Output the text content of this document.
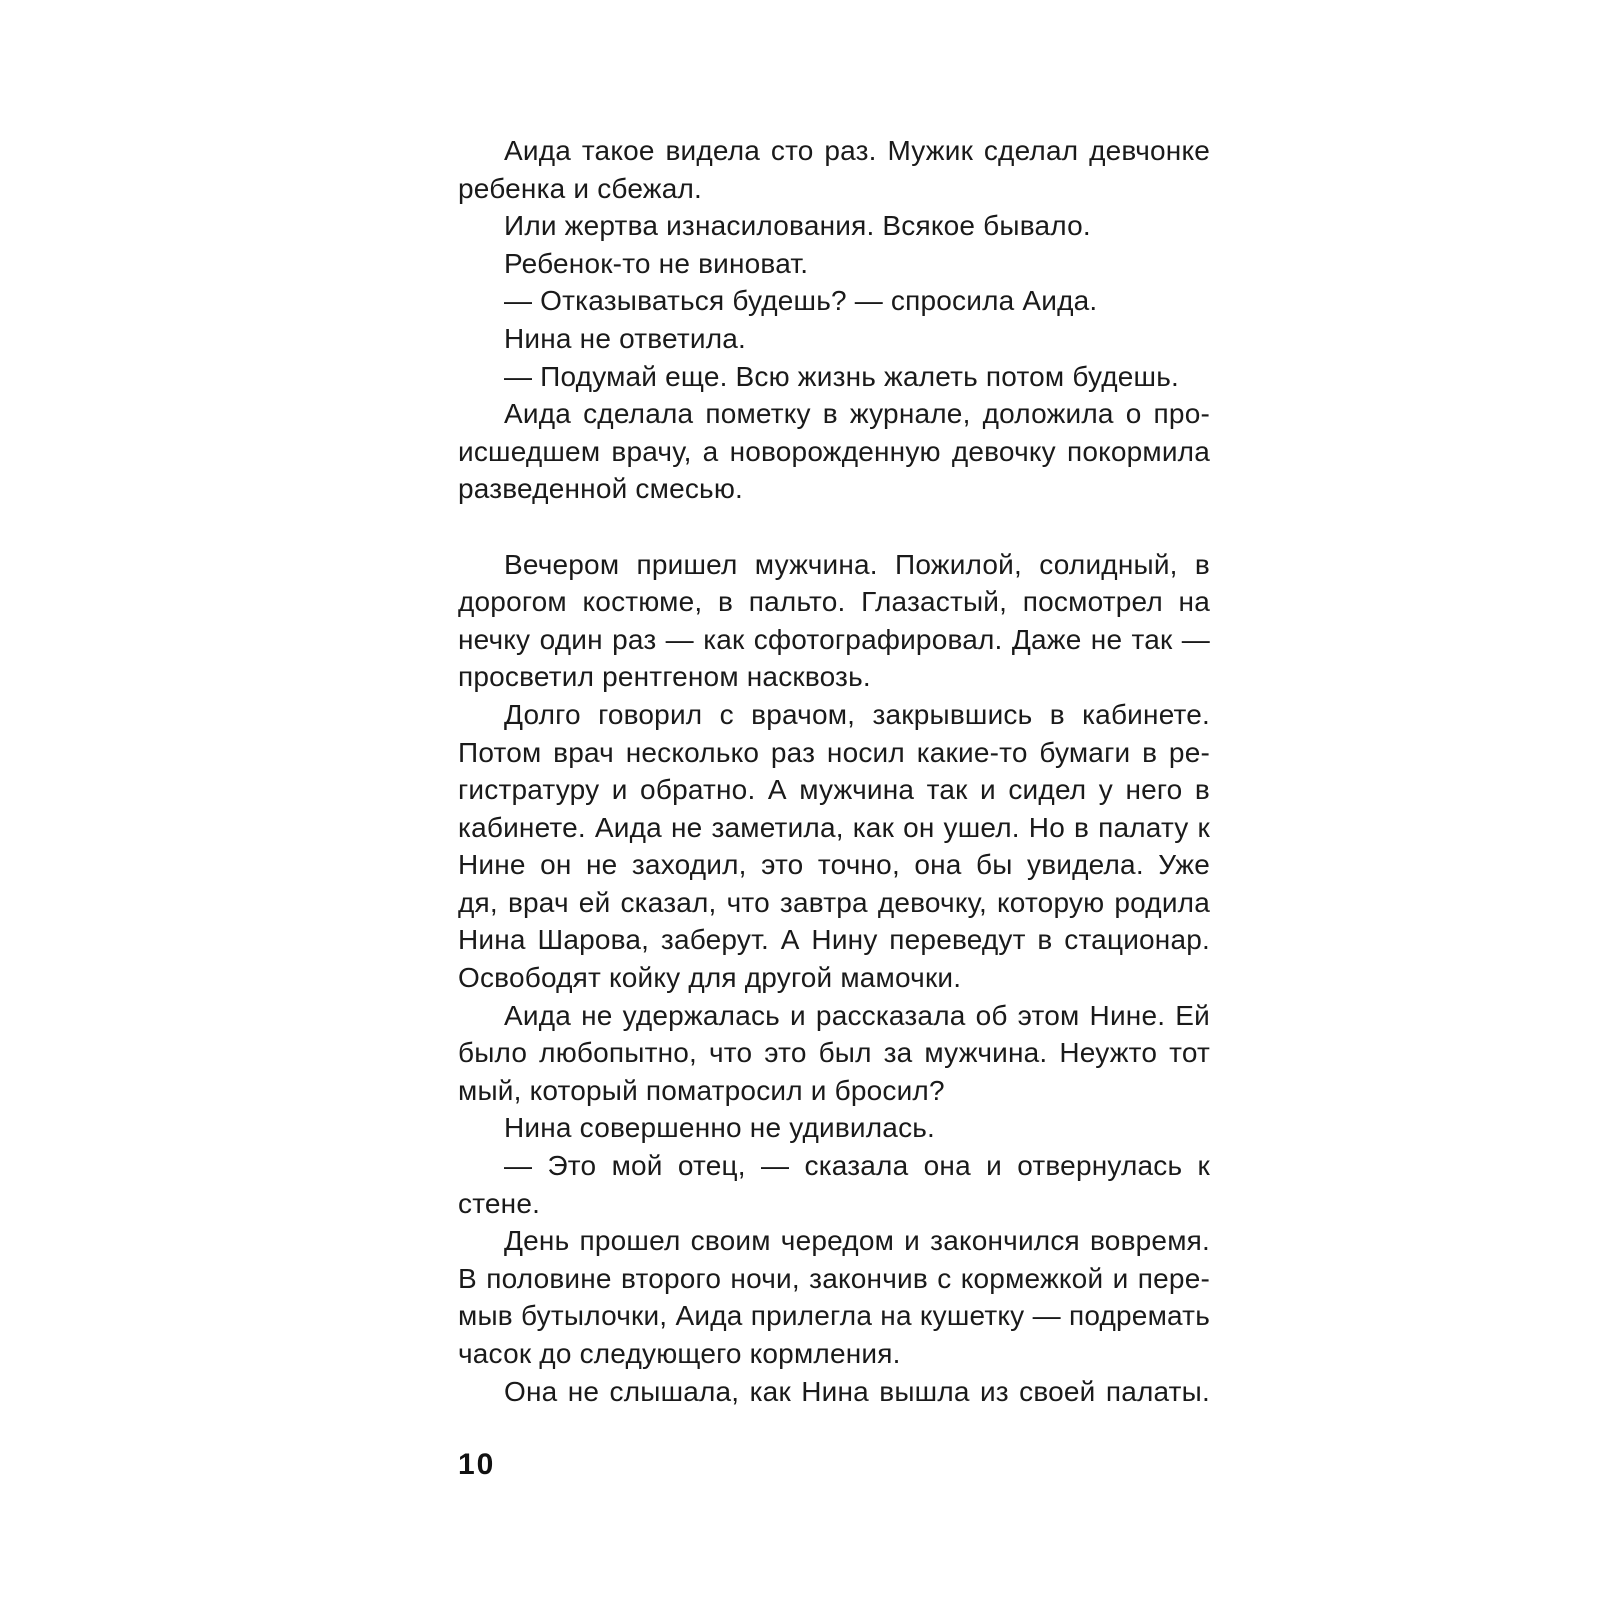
Аида такое видела сто раз. Мужик сделал девчонке
ребенка и сбежал.
Или жертва изнасилования. Всякое бывало.
Ребенок-то не виноват.
— Отказываться будешь? — спросила Аида.
Нина не ответила.
— Подумай еще. Всю жизнь жалеть потом будешь.
Аида сделала пометку в журнале, доложила о про-
исшедшем врачу, а новорожденную девочку покормила
разведенной смесью.
Вечером пришел мужчина. Пожилой, солидный, в
дорогом костюме, в пальто. Глазастый, посмотрел на
нечку один раз — как сфотографировал. Даже не так —
просветил рентгеном насквозь.
Долго говорил с врачом, закрывшись в кабинете.
Потом врач несколько раз носил какие-то бумаги в ре-
гистратуру и обратно. А мужчина так и сидел у него в
кабинете. Аида не заметила, как он ушел. Но в палату к
Нине он не заходил, это точно, она бы увидела. Уже
дя, врач ей сказал, что завтра девочку, которую родила
Нина Шарова, заберут. А Нину переведут в стационар.
Освободят койку для другой мамочки.
Аида не удержалась и рассказала об этом Нине. Ей
было любопытно, что это был за мужчина. Неужто тот
мый, который поматросил и бросил?
Нина совершенно не удивилась.
— Это мой отец, — сказала она и отвернулась к
стене.
День прошел своим чередом и закончился вовремя.
В половине второго ночи, закончив с кормежкой и пере-
мыв бутылочки, Аида прилегла на кушетку — подремать
часок до следующего кормления.
Она не слышала, как Нина вышла из своей палаты.
10
